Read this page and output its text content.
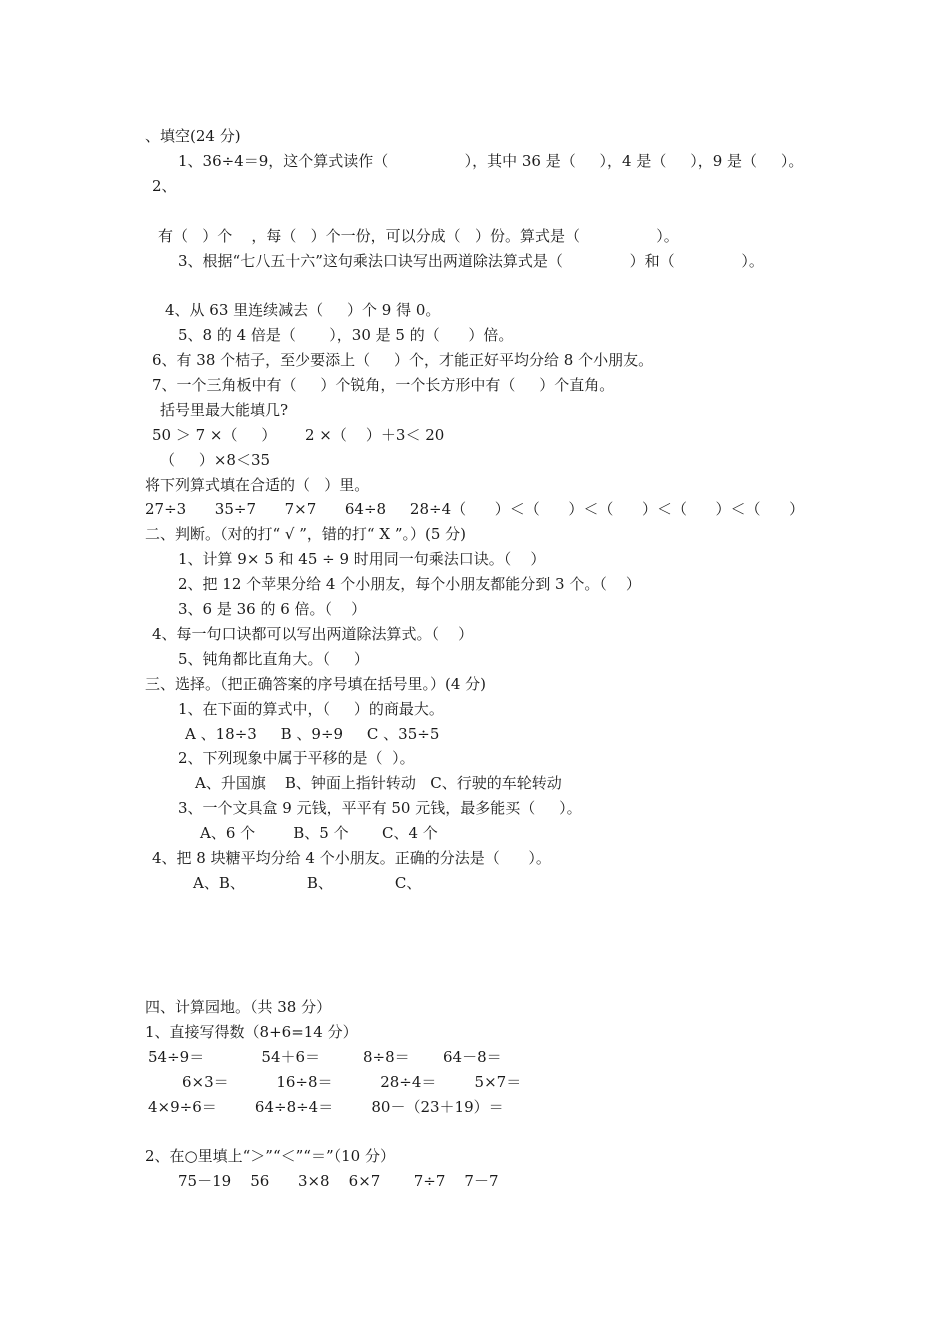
、填空(24 分)
1、36÷4＝9，这个算式读作（                ），其中 36 是（     ），4 是（     ），9 是（     ）。
2、
有（   ）个    ，每（   ）个一份，可以分成（   ）份。算式是（                ）。
3、根据“七八五十六”这句乘法口诀写出两道除法算式是（              ）和（              ）。
4、从 63 里连续减去（     ）个 9 得 0。
5、8 的 4 倍是（       ），30 是 5 的（      ）倍。
6、有 38 个桔子，至少要添上（     ）个，才能正好平均分给 8 个小朋友。
7、一个三角板中有（     ）个锐角，一个长方形中有（     ）个直角。
括号里最大能填几?
50 ＞ 7 ×（     ）      2 ×（    ）＋3＜ 20
（     ）×8＜35
将下列算式填在合适的（   ）里。
27÷3      35÷7      7×7      64÷8     28÷4（      ）＜（      ）＜（      ）＜（      ）＜（      ）
二、判断。（对的打“ √ ”，错的打“ X ”。）(5 分)
1、计算 9× 5 和 45 ÷ 9 时用同一句乘法口诀。（    ）
2、把 12 个苹果分给 4 个小朋友，每个小朋友都能分到 3 个。（    ）
3、6 是 36 的 6 倍。（    ）
4、每一句口诀都可以写出两道除法算式。（    ）
5、钝角都比直角大。（     ）
三、选择。（把正确答案的序号填在括号里。）(4 分)
1、在下面的算式中，（     ）的商最大。
A 、18÷3     B 、9÷9     C 、35÷5
2、下列现象中属于平移的是（  ）。
A、升国旗    B、钟面上指针转动   C、行驶的车轮转动
3、一个文具盒 9 元钱，平平有 50 元钱，最多能买（     ）。
A、6 个        B、5 个       C、4 个
4、把 8 块糖平均分给 4 个小朋友。正确的分法是（      ）。
A、B、             B、             C、
四、计算园地。（共 38 分）
1、直接写得数（8+6=14 分）
54÷9＝            54＋6＝         8÷8＝       64－8＝
6×3＝          16÷8＝          28÷4＝        5×7＝
4×9÷6＝        64÷8÷4＝        80－（23＋19）＝
2、在○里填上“＞”“＜”“＝”（10 分）
75－19    56      3×8    6×7       7÷7    7－7
